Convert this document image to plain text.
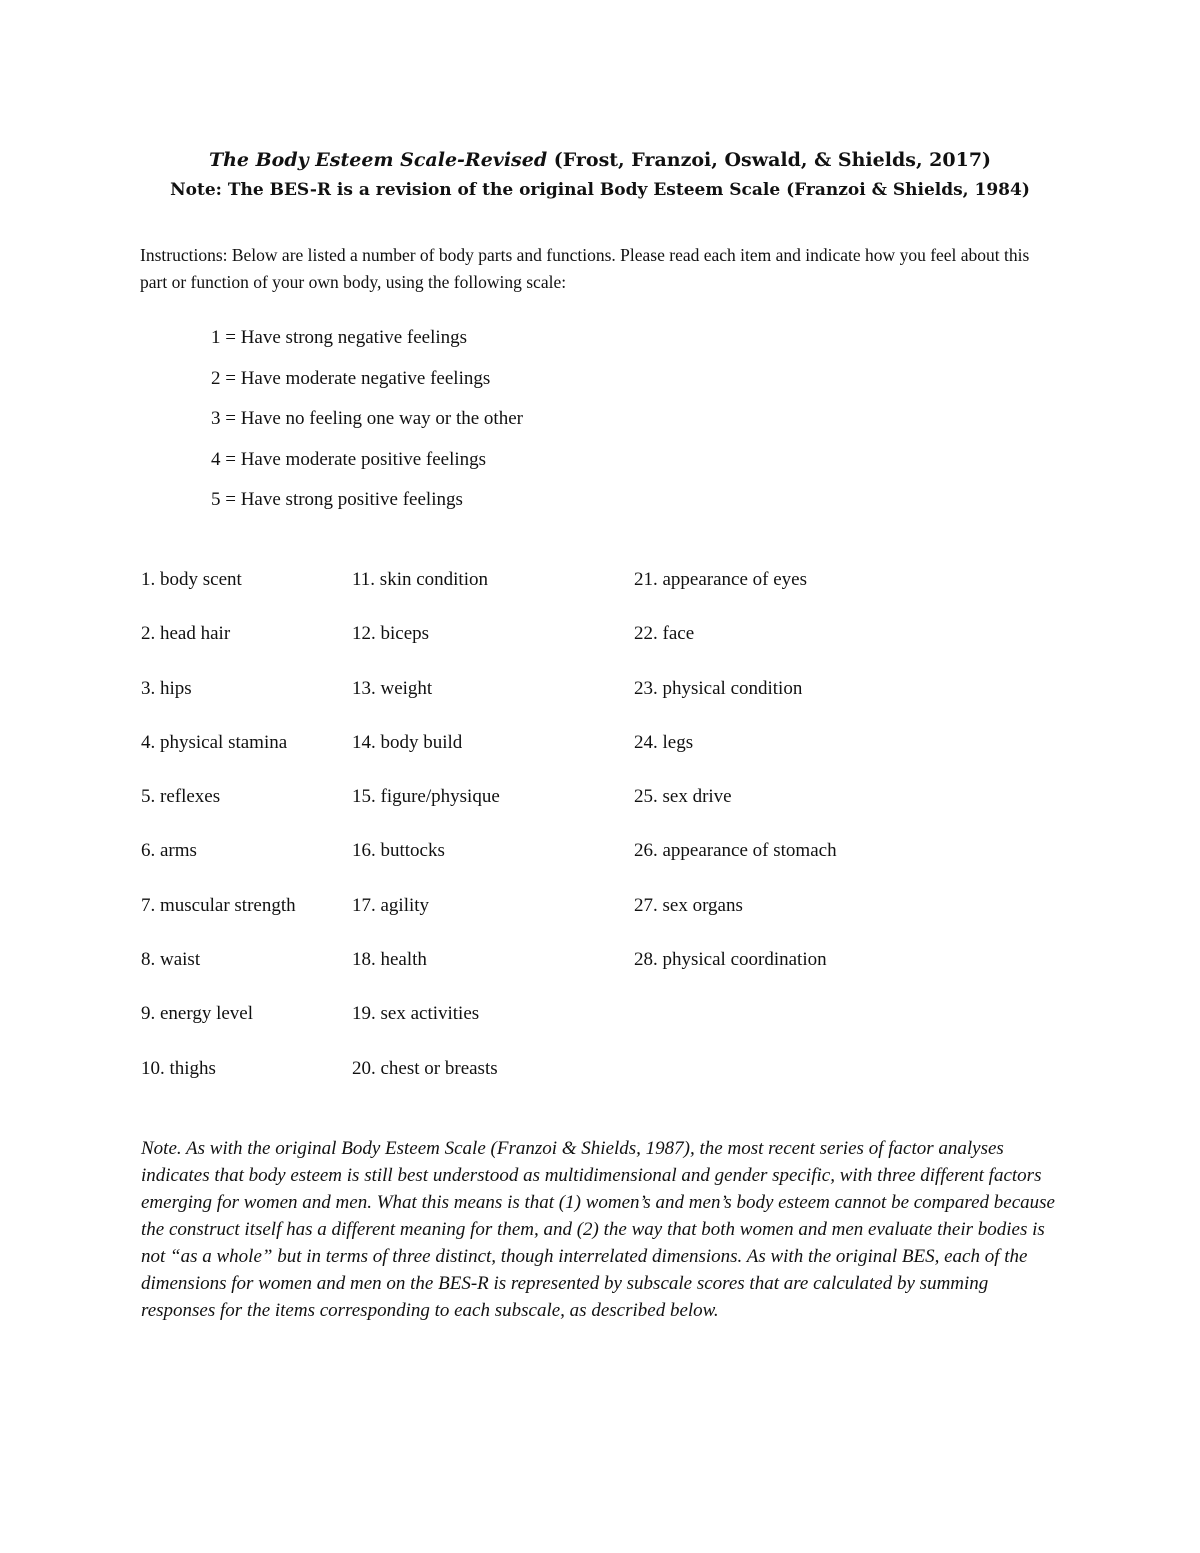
The Body Esteem Scale-Revised (Frost, Franzoi, Oswald, & Shields, 2017)
Note: The BES-R is a revision of the original Body Esteem Scale (Franzoi & Shields, 1984)
Instructions: Below are listed a number of body parts and functions. Please read each item and indicate how you feel about this part or function of your own body, using the following scale:
1 = Have strong negative feelings
2 = Have moderate negative feelings
3 = Have no feeling one way or the other
4 = Have moderate positive feelings
5 = Have strong positive feelings
1. body scent
2. head hair
3. hips
4. physical stamina
5. reflexes
6. arms
7. muscular strength
8. waist
9. energy level
10. thighs
11. skin condition
12. biceps
13. weight
14. body build
15. figure/physique
16. buttocks
17. agility
18. health
19. sex activities
20. chest or breasts
21. appearance of eyes
22. face
23. physical condition
24. legs
25. sex drive
26. appearance of stomach
27. sex organs
28. physical coordination
Note. As with the original Body Esteem Scale (Franzoi & Shields, 1987), the most recent series of factor analyses indicates that body esteem is still best understood as multidimensional and gender specific, with three different factors emerging for women and men. What this means is that (1) women’s and men’s body esteem cannot be compared because the construct itself has a different meaning for them, and (2) the way that both women and men evaluate their bodies is not “as a whole” but in terms of three distinct, though interrelated dimensions. As with the original BES, each of the dimensions for women and men on the BES-R is represented by subscale scores that are calculated by summing responses for the items corresponding to each subscale, as described below.
